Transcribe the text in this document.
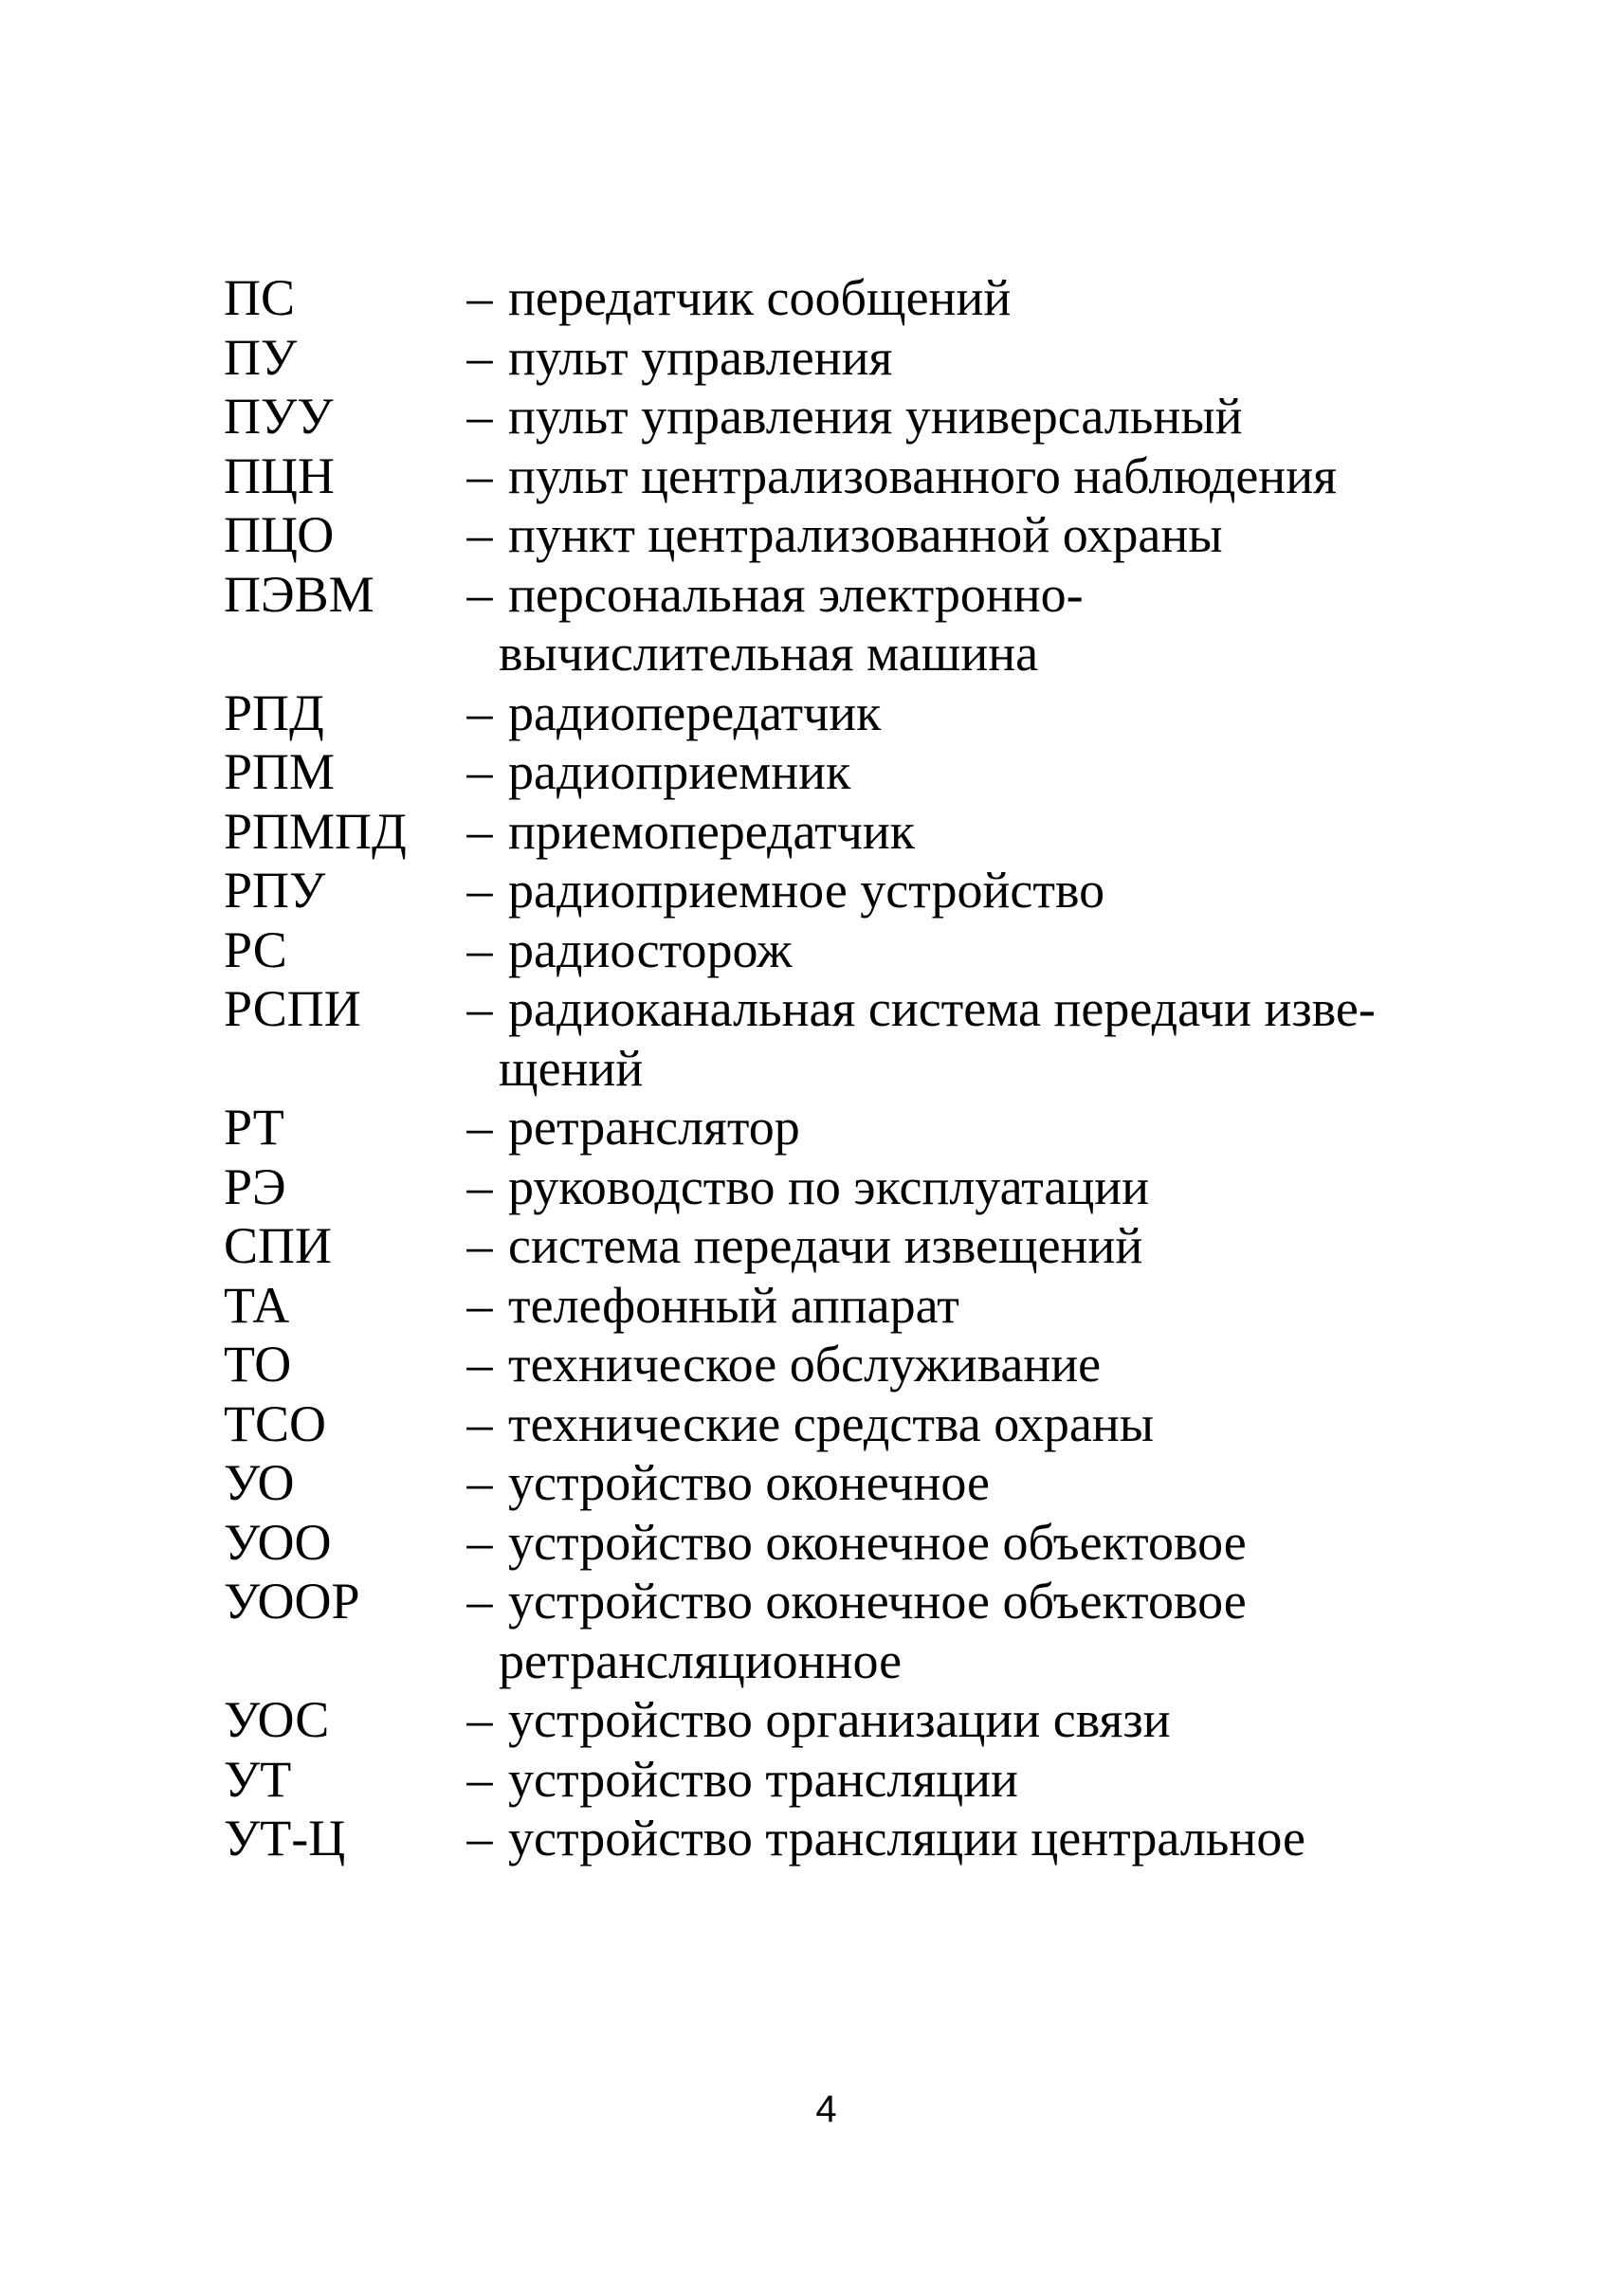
ПС	– передатчик сообщений
ПУ	– пульт управления
ПУУ	– пульт управления универсальный
ПЦН	– пульт централизованного наблюдения
ПЦО	– пункт централизованной охраны
ПЭВМ	– персональная электронно-
вычислительная машина
РПД	– радиопередатчик
РПМ	– радиоприемник
РПМПД	– приемопередатчик
РПУ	– радиоприемное устройство
РС	– радиосторож
РСПИ	– радиоканальная система передачи изве-
щений
РТ	– ретранслятор
РЭ	– руководство по эксплуатации
СПИ	– система передачи извещений
ТА	– телефонный аппарат
ТО	– техническое обслуживание
ТСО	– технические средства охраны
УО	– устройство оконечное
УОО	– устройство оконечное объектовое
УООР	– устройство оконечное объектовое
ретрансляционное
УОС	– устройство организации связи
УТ	– устройство трансляции
УТ-Ц	– устройство трансляции центральное
4
